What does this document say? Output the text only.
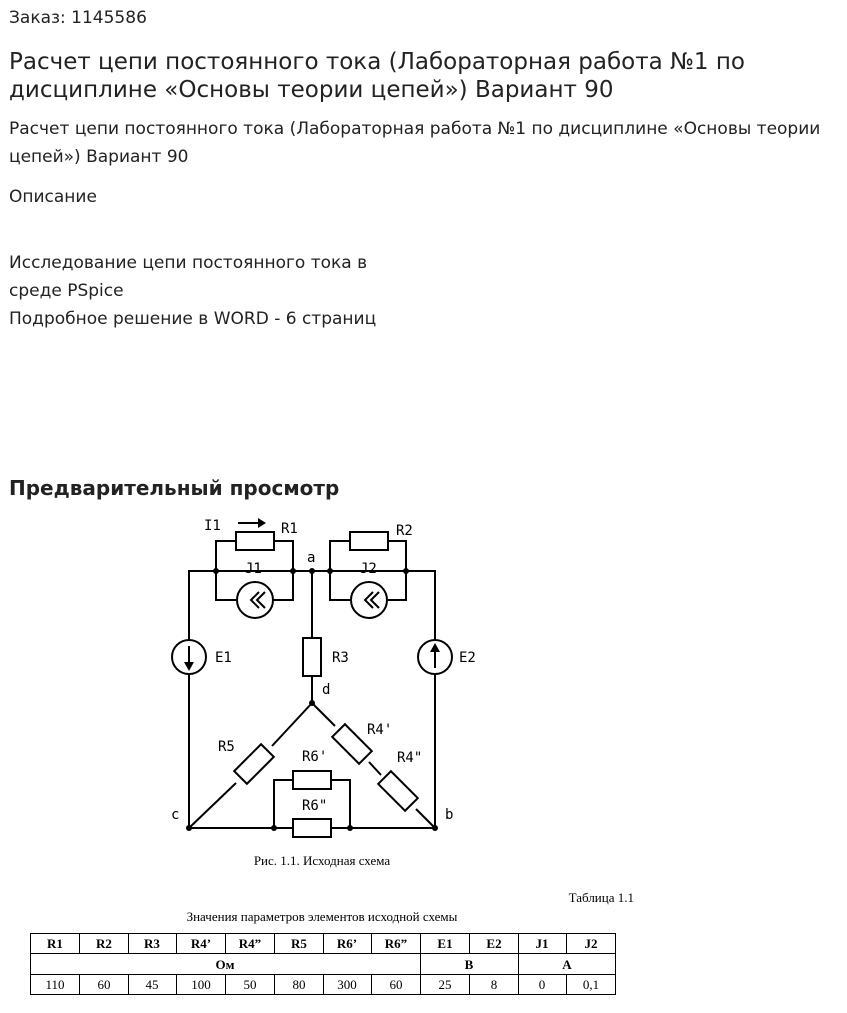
Заказ: 1145586
Расчет цепи постоянного тока (Лабораторная работа №1 по дисциплине «Основы теории цепей») Вариант 90
Расчет цепи постоянного тока (Лабораторная работа №1 по дисциплине «Основы теории цепей») Вариант 90
Описание
Исследование цепи постоянного тока в
среде PSpice
Подробное решение в WORD - 6 страниц
Предварительный просмотр
I1	R1	R2
a
J1	J2
E1	E2
R3
d
R4'
R4"
R5
R6'
R6"
c	b
Рис. 1.1. Исходная схема
Таблица 1.1
Значения параметров элементов исходной схемы
R1	R2 R3 R4’ R4” R5 R6’ R6” E1	E2	J1	J2
Ом	В	А
110	60	45	100	50	80 300	60	25	8	0	0,1
